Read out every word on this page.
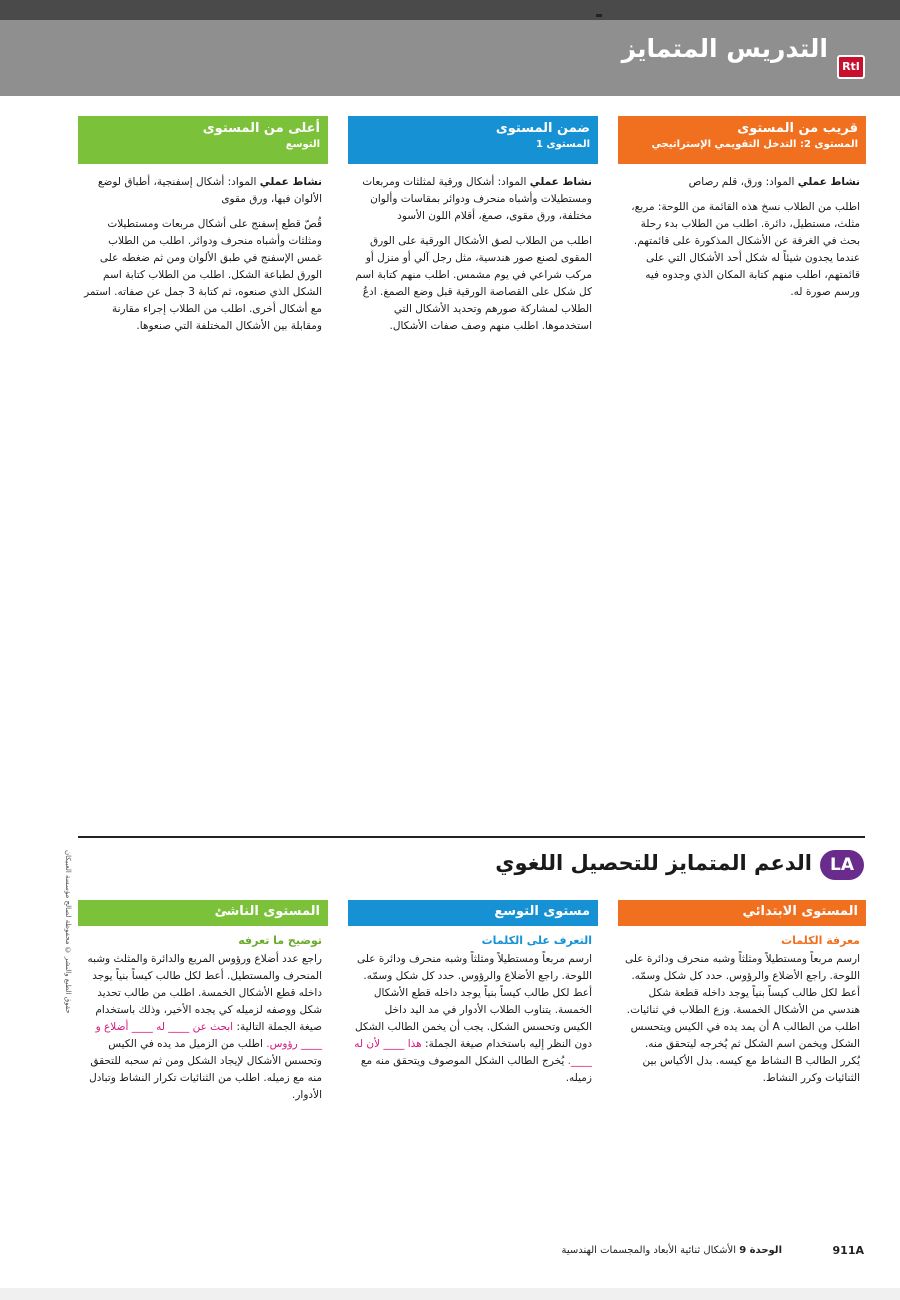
RtI
التدريس المتمايز
قريب من المستوى
المستوى 2: التدخل التقويمي الإستراتيجي

نشاط عملي المواد: ورق، قلم رصاص

اطلب من الطلاب نسخ هذه القائمة من اللوحة: مربع، مثلث، مستطيل، دائرة. اطلب من الطلاب بدء رحلة بحث في الغرفة عن الأشكال المذكورة على قائمتهم. عندما يجدون شيئاً له شكل أحد الأشكال التي على قائمتهم، اطلب منهم كتابة المكان الذي وجدوه فيه ورسم صورة له.

ضمن المستوى
المستوى 1

نشاط عملي المواد: أشكال ورقية لمثلثات ومربعات ومستطيلات وأشباه منحرف ودوائر بمقاسات وألوان مختلفة، ورق مقوى، صمغ، أقلام اللون الأسود

اطلب من الطلاب لصق الأشكال الورقية على الورق المقوى لصنع صور هندسية، مثل رجل آلي أو منزل أو مركب شراعي في يوم مشمس. اطلب منهم كتابة اسم كل شكل على القصاصة الورقية قبل وضع الصمغ. ادعُ الطلاب لمشاركة صورهم وتحديد الأشكال التي استخدموها. اطلب منهم وصف صفات الأشكال.

أعلى من المستوى
التوسع

نشاط عملي المواد: أشكال إسفنجية، أطباق لوضع الألوان فيها، ورق مقوى

قُصّ قطع إسفنج على أشكال مربعات ومستطيلات ومثلثات وأشباه منحرف ودوائر. اطلب من الطلاب غمس الإسفنج في طبق الألوان ومن ثم ضغطه على الورق لطباعة الشكل. اطلب من الطلاب كتابة اسم الشكل الذي صنعوه، ثم كتابة 3 جمل عن صفاته. استمر مع أشكال أخرى. اطلب من الطلاب إجراء مقارنة ومقابلة بين الأشكال المختلفة التي صنعوها.

LA
الدعم المتمايز للتحصيل اللغوي
حقوق الطبع والنشر © محفوظة لصالح مؤسسة العبيكان	المستوى الابتدائي
معرفة الكلمات
ارسم مربعاً ومستطيلاً ومثلثاً وشبه منحرف ودائرة على اللوحة. راجع الأضلاع والرؤوس. حدد كل شكل وسمّه. أعط لكل طالب كيساً بنياً يوجد داخله قطعة شكل هندسي من الأشكال الخمسة. وزع الطلاب في ثنائيات. اطلب من الطالب A أن يمد يده في الكيس ويتحسس الشكل ويخمن اسم الشكل ثم يُخرجه ليتحقق منه. يُكرر الطالب B النشاط مع كيسه. بدل الأكياس بين الثنائيات وكرر النشاط.
مستوى التوسع
التعرف على الكلمات
ارسم مربعاً ومستطيلاً ومثلثاً وشبه منحرف ودائرة على اللوحة. راجع الأضلاع والرؤوس. حدد كل شكل وسمّه. أعط لكل طالب كيساً بنياً يوجد داخله قطع الأشكال الخمسة. يتناوب الطلاب الأدوار في مد اليد داخل الكيس وتحسس الشكل. يجب أن يخمن الطالب الشكل دون النظر إليه باستخدام صيغة الجملة: هذا ____ لأن له ____. يُخرج الطالب الشكل الموصوف ويتحقق منه مع زميله.
المستوى الناشئ
توضيح ما تعرفه
راجع عدد أضلاع ورؤوس المربع والدائرة والمثلث وشبه المنحرف والمستطيل. أعط لكل طالب كيساً بنياً يوجد داخله قطع الأشكال الخمسة. اطلب من طالب تحديد شكل ووصفه لزميله كي يجده الأخير، وذلك باستخدام صيغة الجملة التالية: ابحث عن ____ له ____ أضلاع و ____ رؤوس. اطلب من الزميل مد يده في الكيس وتحسس الأشكال لإيجاد الشكل ومن ثم سحبه للتحقق منه مع زميله. اطلب من الثنائيات تكرار النشاط وتبادل الأدوار.
911A
الوحدة 9 الأشكال ثنائية الأبعاد والمجسمات الهندسية
